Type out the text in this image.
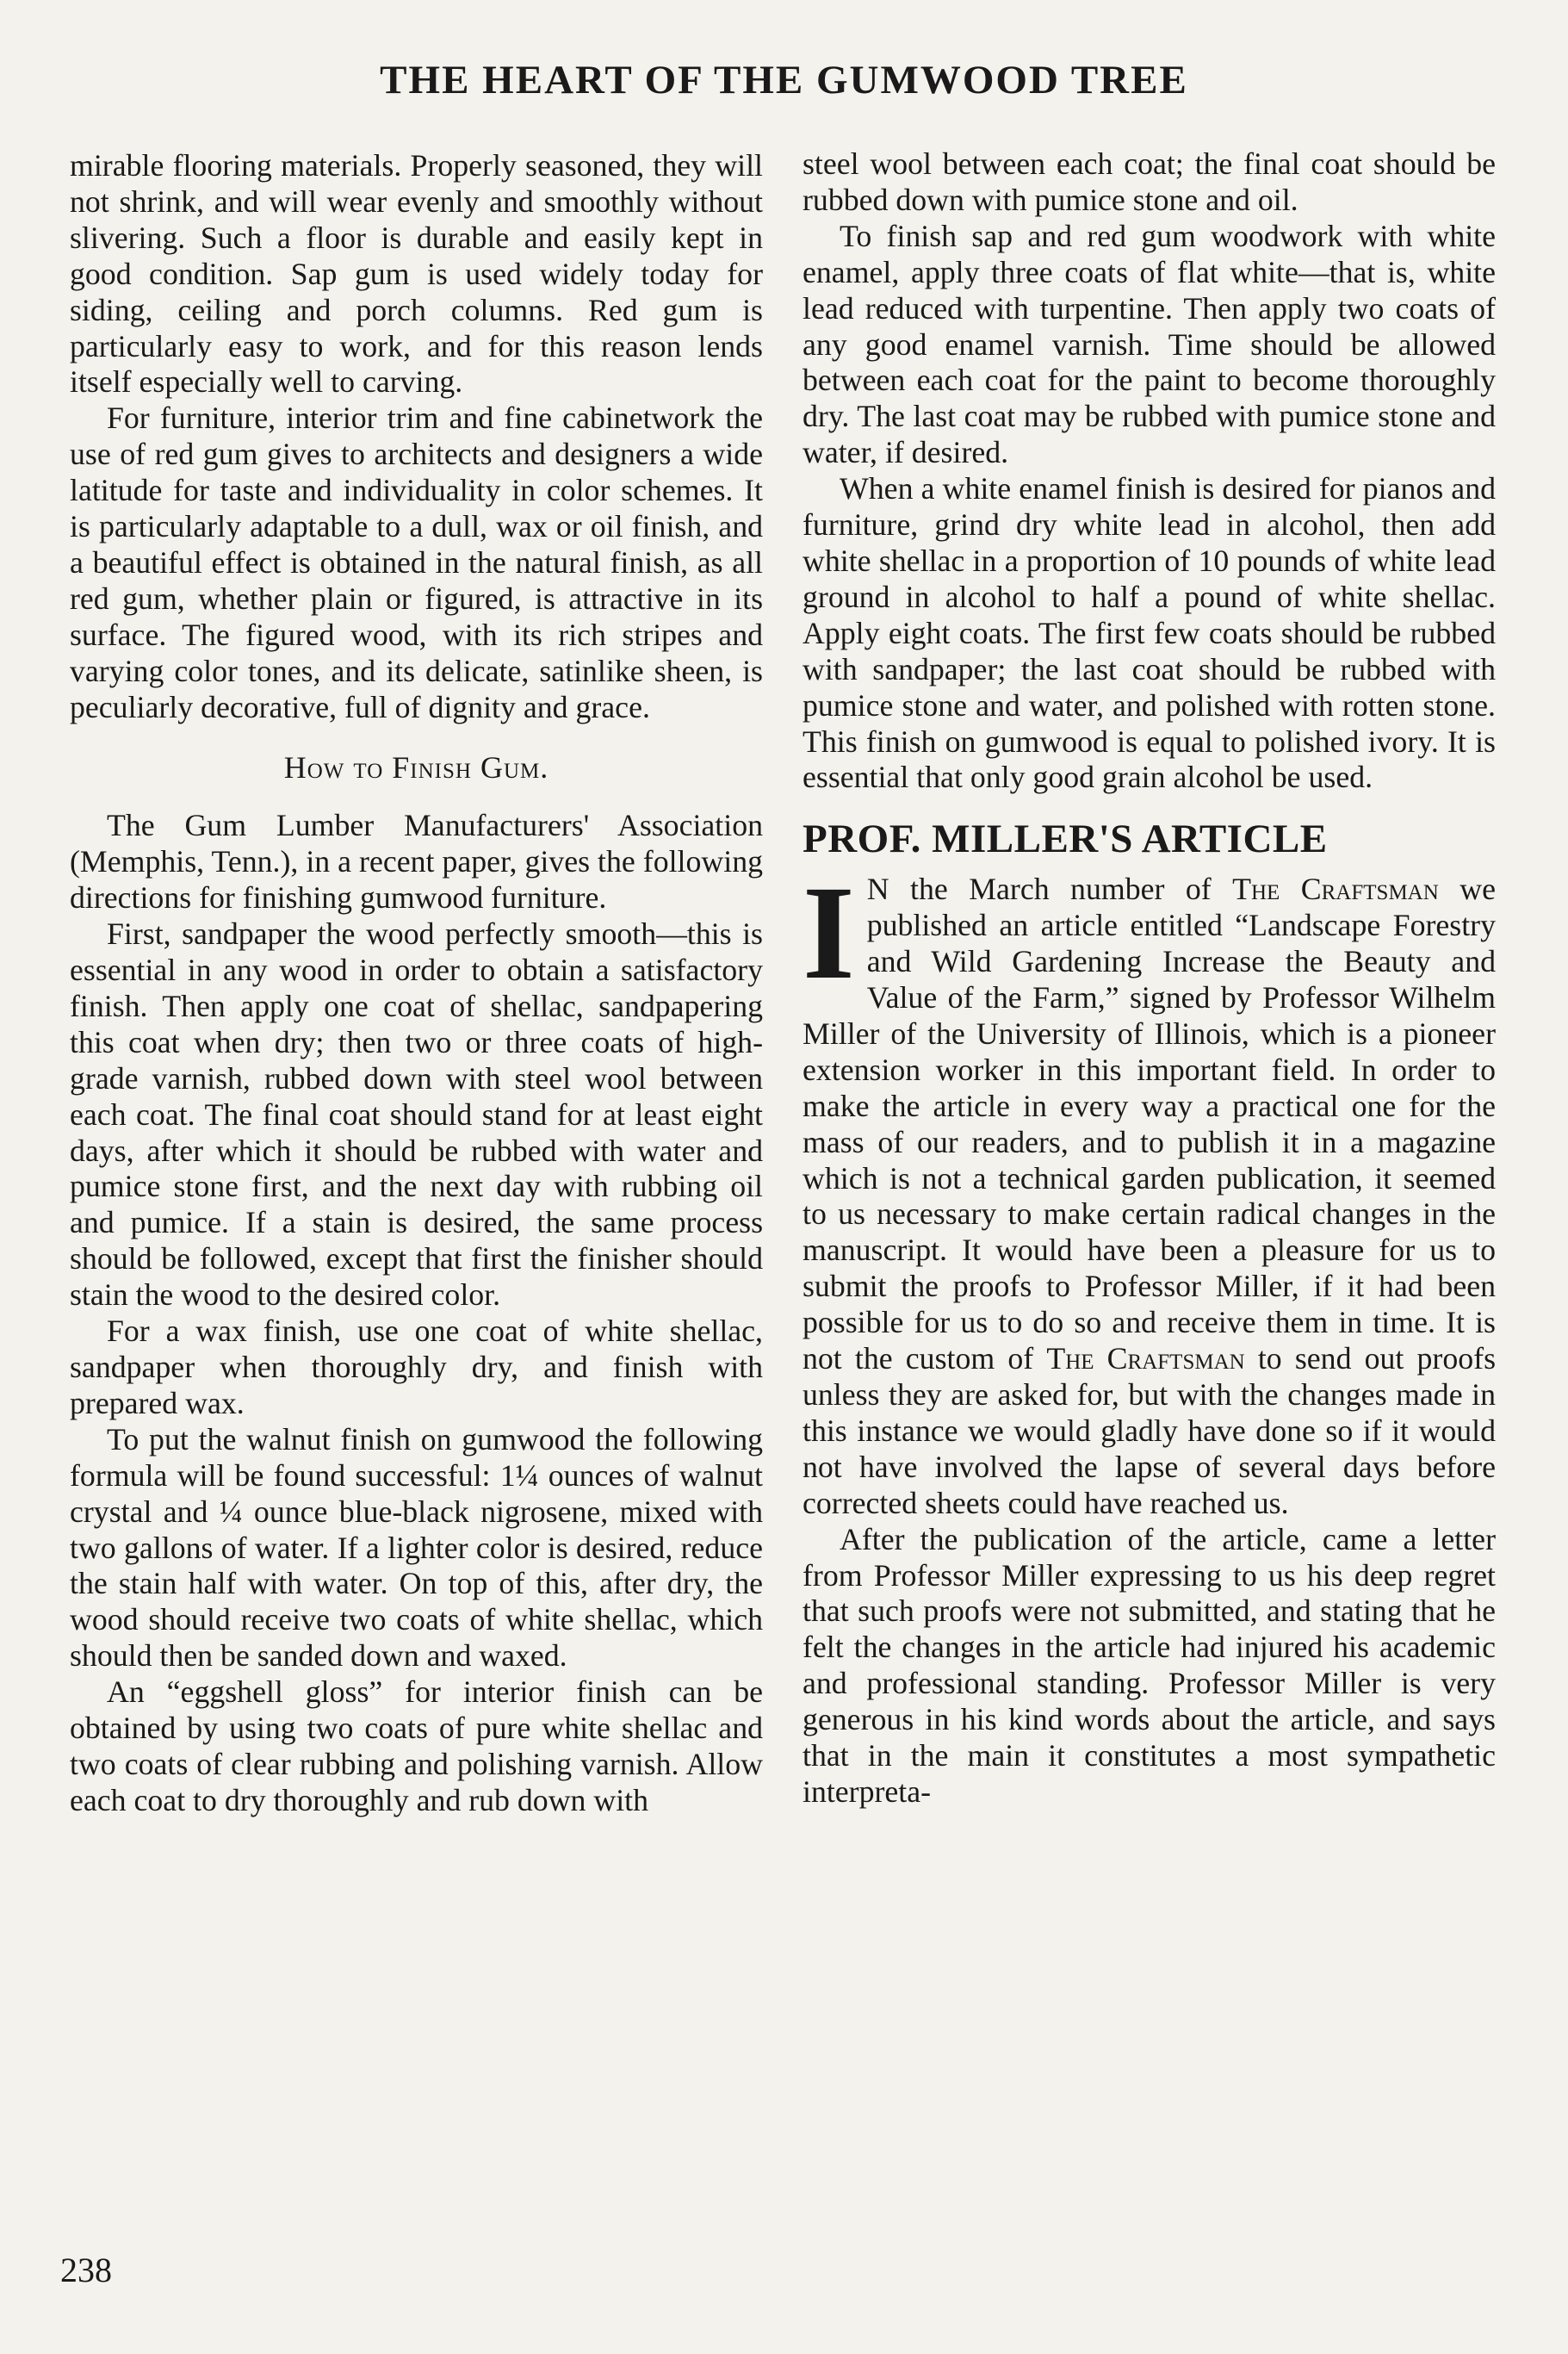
THE HEART OF THE GUMWOOD TREE

mirable flooring materials. Properly seasoned, they will not shrink, and will wear evenly and smoothly without slivering. Such a floor is durable and easily kept in good condition. Sap gum is used widely today for siding, ceiling and porch columns. Red gum is particularly easy to work, and for this reason lends itself especially well to carving.

For furniture, interior trim and fine cabinetwork the use of red gum gives to architects and designers a wide latitude for taste and individuality in color schemes. It is particularly adaptable to a dull, wax or oil finish, and a beautiful effect is obtained in the natural finish, as all red gum, whether plain or figured, is attractive in its surface. The figured wood, with its rich stripes and varying color tones, and its delicate, satinlike sheen, is peculiarly decorative, full of dignity and grace.

How to Finish Gum.

The Gum Lumber Manufacturers' Association (Memphis, Tenn.), in a recent paper, gives the following directions for finishing gumwood furniture.

First, sandpaper the wood perfectly smooth—this is essential in any wood in order to obtain a satisfactory finish. Then apply one coat of shellac, sandpapering this coat when dry; then two or three coats of high-grade varnish, rubbed down with steel wool between each coat. The final coat should stand for at least eight days, after which it should be rubbed with water and pumice stone first, and the next day with rubbing oil and pumice. If a stain is desired, the same process should be followed, except that first the finisher should stain the wood to the desired color.

For a wax finish, use one coat of white shellac, sandpaper when thoroughly dry, and finish with prepared wax.

To put the walnut finish on gumwood the following formula will be found successful: 1¼ ounces of walnut crystal and ¼ ounce blue-black nigrosene, mixed with two gallons of water. If a lighter color is desired, reduce the stain half with water. On top of this, after dry, the wood should receive two coats of white shellac, which should then be sanded down and waxed.

An “eggshell gloss” for interior finish can be obtained by using two coats of pure white shellac and two coats of clear rubbing and polishing varnish. Allow each coat to dry thoroughly and rub down with

steel wool between each coat; the final coat should be rubbed down with pumice stone and oil.

To finish sap and red gum woodwork with white enamel, apply three coats of flat white—that is, white lead reduced with turpentine. Then apply two coats of any good enamel varnish. Time should be allowed between each coat for the paint to become thoroughly dry. The last coat may be rubbed with pumice stone and water, if desired.

When a white enamel finish is desired for pianos and furniture, grind dry white lead in alcohol, then add white shellac in a proportion of 10 pounds of white lead ground in alcohol to half a pound of white shellac. Apply eight coats. The first few coats should be rubbed with sandpaper; the last coat should be rubbed with pumice stone and water, and polished with rotten stone. This finish on gumwood is equal to polished ivory. It is essential that only good grain alcohol be used.

PROF. MILLER'S ARTICLE

I N the March number of The Craftsman we published an article entitled “Landscape Forestry and Wild Gardening Increase the Beauty and Value of the Farm,” signed by Professor Wilhelm Miller of the University of Illinois, which is a pioneer extension worker in this important field. In order to make the article in every way a practical one for the mass of our readers, and to publish it in a magazine which is not a technical garden publication, it seemed to us necessary to make certain radical changes in the manuscript. It would have been a pleasure for us to submit the proofs to Professor Miller, if it had been possible for us to do so and receive them in time. It is not the custom of The Craftsman to send out proofs unless they are asked for, but with the changes made in this instance we would gladly have done so if it would not have involved the lapse of several days before corrected sheets could have reached us.

After the publication of the article, came a letter from Professor Miller expressing to us his deep regret that such proofs were not submitted, and stating that he felt the changes in the article had injured his academic and professional standing. Professor Miller is very generous in his kind words about the article, and says that in the main it constitutes a most sympathetic interpreta-

238
